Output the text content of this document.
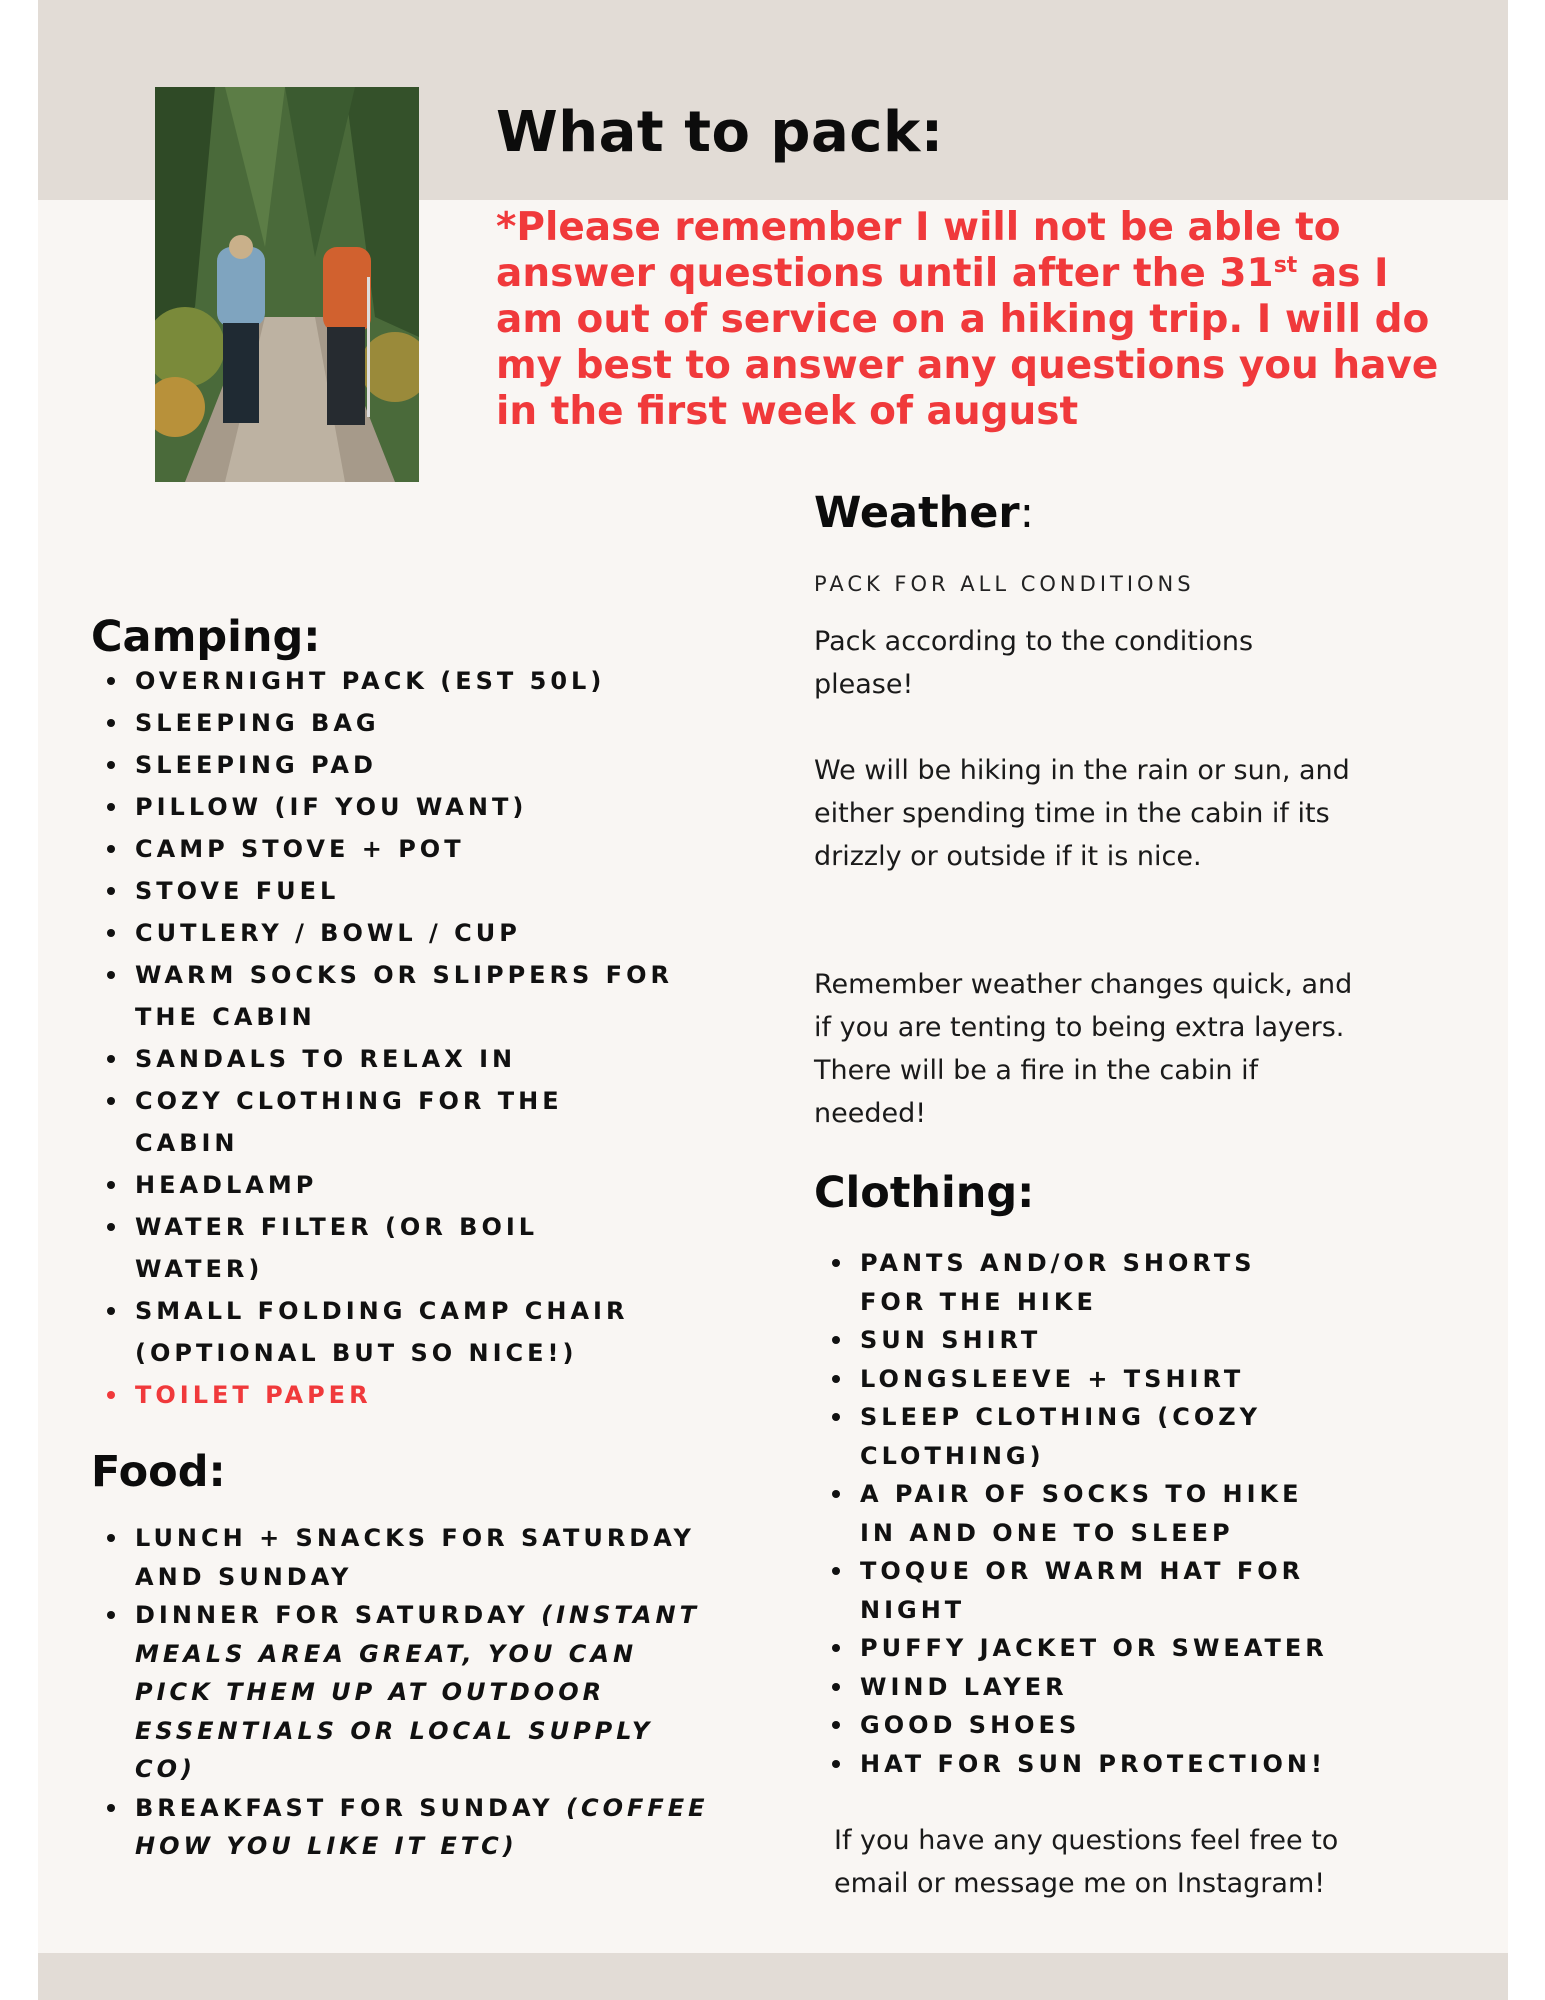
What to pack:

*Please remember I will not be able to answer questions until after the 31st as I am out of service on a hiking trip. I will do my best to answer any questions you have in the first week of august

Camping:
OVERNIGHT PACK (EST 50L)
SLEEPING BAG
SLEEPING PAD
PILLOW (IF YOU WANT)
CAMP STOVE + POT
STOVE FUEL
CUTLERY / BOWL / CUP
WARM SOCKS OR SLIPPERS FOR THE CABIN
SANDALS TO RELAX IN
COZY CLOTHING FOR THE CABIN
HEADLAMP
WATER FILTER (OR BOIL WATER)
SMALL FOLDING CAMP CHAIR (OPTIONAL BUT SO NICE!)
TOILET PAPER
Food:
LUNCH + SNACKS FOR SATURDAY AND SUNDAY
DINNER FOR SATURDAY (INSTANT MEALS AREA GREAT, YOU CAN PICK THEM UP AT OUTDOOR ESSENTIALS OR LOCAL SUPPLY CO)
BREAKFAST FOR SUNDAY (COFFEE HOW YOU LIKE IT ETC)
Weather:

PACK FOR ALL CONDITIONS

Pack according to the conditions please!

We will be hiking in the rain or sun, and either spending time in the cabin if its drizzly or outside if it is nice.

Remember weather changes quick, and if you are tenting to being extra layers. There will be a fire in the cabin if needed!

Clothing:
PANTS AND/OR SHORTS FOR THE HIKE
SUN SHIRT
LONGSLEEVE + TSHIRT
SLEEP CLOTHING (COZY CLOTHING)
A PAIR OF SOCKS TO HIKE IN AND ONE TO SLEEP
TOQUE OR WARM HAT FOR NIGHT
PUFFY JACKET OR SWEATER
WIND LAYER
GOOD SHOES
HAT FOR SUN PROTECTION!

If you have any questions feel free to email or message me on Instagram!
